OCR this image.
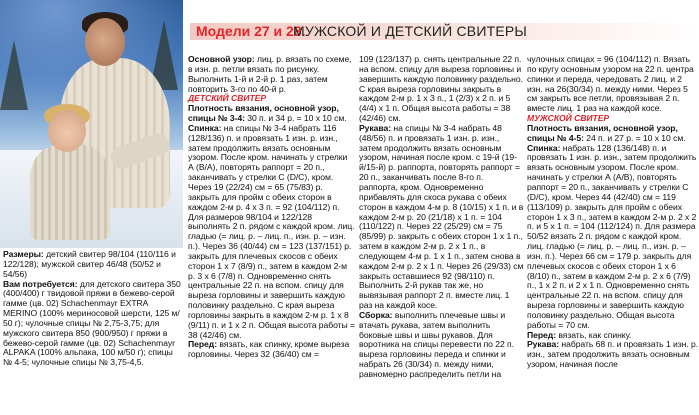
Модели 27 и 28.
МУЖСКОЙ И ДЕТСКИЙ СВИТЕРЫ

Размеры: детский свитер 98/104 (110/116 и 122/128); мужской свитер 46/48 (50/52 и 54/56)

Вам потребуется: для детского свитера 350 (400/400) г твидовой пряжи в бежево-серой гамме (цв. 02) Schachenmayr EXTRA MERINO (100% мериносовой шерсти, 125 м/ 50 г); чулочные спицы № 2,75-3,75; для мужского свитера 850 (900/950) г пряжи в бежево-серой гамме (цв. 02) Schachenmayr ALPAKA (100% альпака, 100 м/50 г); спицы № 4-5; чулочные спицы № 3,75-4,5.

Основной узор: лиц. р. вязать по схеме, в изн. р. петли вязать по рисунку. Выполнить 1-й и 2-й р. 1 раз, затем повторить 3-го по 40-й р.

ДЕТСКИЙ СВИТЕР

Плотность вязания, основной узор, спицы № 3-4: 30 п. и 34 р. = 10 х 10 см.

Спинка: на спицы № 3-4 набрать 116 (128/136) п. и провязать 1 изн. р. изн., затем продолжить вязать основным узором. После кром. начинать у стрелки А (В/А), повторять раппорт = 20 п., заканчивать у стрелки С (D/C), кром. Через 19 (22/24) см = 65 (75/83) р. закрыть для пройм с обеих сторон в каждом 2-м р. 4 х 3 п. = 92 (104/112) п. Для размеров 98/104 и 122/128 выполнять 2 п. рядом с каждой кром. лиц. гладью (= лиц. р. – лиц. п., изн. р. – изн. п.). Через 36 (40/44) см = 123 (137/151) р. закрыть для плечевых скосов с обеих сторон 1 х 7 (8/9) п., затем в каждом 2-м р. 3 х 6 (7/8) п. Одновременно снять центральные 22 п. на вспом. спицу для выреза горловины и завершить каждую половинку раздельно. С края выреза горловины закрыть в каждом 2-м р. 1 х 8 (9/11) п. и 1 х 2 п. Общая высота работы = 38 (42/46) см.

Перед: вязать, как спинку, кроме выреза горловины. Через 32 (36/40) см =

109 (123/137) р. снять центральные 22 п. на вспом. спицу для выреза горловины и завершить каждую половинку раздельно. С края выреза горловины закрыть в каждом 2-м р. 1 х 3 п., 1 (2/3) х 2 п. и 5 (4/4) х 1 п. Общая высота работы = 38 (42/46) см.

Рукава: на спицы № 3-4 набрать 48 (48/56) п. и провязать 1 изн. р. изн., затем продолжить вязать основным узором, начиная после кром. с 19-й (19-й/15-й) р. раппорта, повторять раппорт = 20 п., заканчивать после 8-го п. раппорта, кром. Одновременно прибавлять для скоса рукава с обеих сторон в каждом 4-м р. 8 (10/15) х 1 п. и в каждом 2-м р. 20 (21/18) х 1 п. = 104 (110/122) п. Через 22 (25/29) см = 75 (85/99) р. закрыть с обеих сторон 1 х 1 п., затем в каждом 2-м р. 2 х 1 п., в следующем 4-м р. 1 х 1 п., затем снова в каждом 2-м р. 2 х 1 п. Через 26 (29/33) см закрыть оставшиеся 92 (98/110) п. Выполнить 2-й рукав так же, но вывязывая раппорт 2 п. вместе лиц. 1 раз на каждой косе.

Сборка: выполнить плечевые швы и втачать рукава, затем выполнить боковые швы и швы рукавов. Для воротника на спицы перевести по 22 п. выреза горловины переда и спинки и набрать 26 (30/34) п. между ними, равномерно распределить петли на

чулочных спицах = 96 (104/112) п. Вязать по кругу основным узором на 22 п. центра спинки и переда, чередовать 2 лиц. и 2 изн. на 26(30/34) п. между ними. Через 5 см закрыть все петли, провязывая 2 п. вместе лиц. 1 раз на каждой косе.

МУЖСКОЙ СВИТЕР

Плотность вязания, основной узор, спицы № 4-5: 24 п. и 27 р. = 10 х 10 см.

Спинка: набрать 128 (136/148) п. и провязать 1 изн. р. изн., затем продолжить вязать основным узором. После кром. начинать у стрелки А (А/В), повторять раппорт = 20 п., заканчивать у стрелки С (D/C), кром. Через 44 (42/40) см = 119 (113/109) р. закрыть для пройм с обеих сторон 1 х 3 п., затем в каждом 2-м р. 2 х 2 п. и 5 х 1 п. = 104 (112/124) п. Для размера 50/52 вязать 2 п. рядом с каждой кром. лиц. гладью (= лиц. р. – лиц. п., изн. р. – изн. п.). Через 66 см = 179 р. закрыть для плечевых скосов с обеих сторон 1 х 6 (8/10) п., затем в каждом 2-м р. 2 х 6 (7/9) п., 1 х 2 п. и 2 х 1 п. Одновременно снять центральные 22 п. на вспом. спицу для выреза горловины и завершить каждую половинку раздельно. Общая высота работы = 70 см.

Перед: вязать, как спинку.

Рукава: набрать 68 п. и провязать 1 изн. р. изн., затем продолжить вязать основным узором, начиная после
